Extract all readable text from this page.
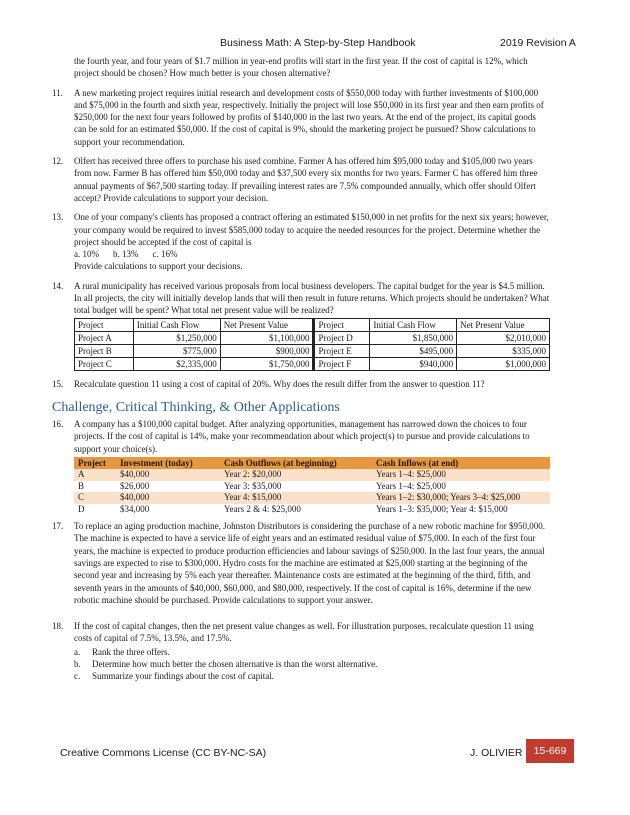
Business Math: A Step-by-Step Handbook	2019 Revision A

the fourth year, and four years of $1.7 million in year-end profits will start in the first year. If the cost of capital is 12%, which project should be chosen? How much better is your chosen alternative?

11. A new marketing project requires initial research and development costs of $550,000 today with further investments of $100,000 and $75,000 in the fourth and sixth year, respectively. Initially the project will lose $50,000 in its first year and then earn profits of $250,000 for the next four years followed by profits of $140,000 in the last two years. At the end of the project, its capital goods can be sold for an estimated $50,000. If the cost of capital is 9%, should the marketing project be pursued? Show calculations to support your recommendation.

12. Olfert has received three offers to purchase his used combine. Farmer A has offered him $95,000 today and $105,000 two years from now. Farmer B has offered him $50,000 today and $37,500 every six months for two years. Farmer C has offered him three annual payments of $67,500 starting today. If prevailing interest rates are 7.5% compounded annually, which offer should Olfert accept? Provide calculations to support your decision.

13. One of your company's clients has proposed a contract offering an estimated $150,000 in net profits for the next six years; however, your company would be required to invest $585,000 today to acquire the needed resources for the project. Determine whether the project should be accepted if the cost of capital is

a. 10% b. 13% c. 16%

Provide calculations to support your decisions.

14. A rural municipality has received various proposals from local business developers. The capital budget for the year is $4.5 million. In all projects, the city will initially develop lands that will then result in future returns. Which projects should be undertaken? What total budget will be spent? What total net present value will be realized?

Project	Initial Cash Flow	Net Present Value	Project	Initial Cash Flow	Net Present Value
Project A	$1,250,000	$1,100,000	Project D	$1,850,000	$2,010,000
Project B	$775,000	$900,000	Project E	$495,000	$335,000
Project C	$2,335,000	$1,750,000	Project F	$940,000	$1,000,000
15. Recalculate question 11 using a cost of capital of 20%. Why does the result differ from the answer to question 11?

Challenge, Critical Thinking, & Other Applications
16. A company has a $100,000 capital budget. After analyzing opportunities, management has narrowed down the choices to four projects. If the cost of capital is 14%, make your recommendation about which project(s) to pursue and provide calculations to support your choice(s).

Project	Investment (today)	Cash Outflows (at beginning)	Cash Inflows (at end)
A	$40,000	Year 2: $20,000	Years 1–4: $25,000
B	$26,000	Year 3: $35,000	Years 1–4: $25,000
C	$40,000	Year 4: $15,000	Years 1–2: $30,000; Years 3–4: $25,000
D	$34,000	Years 2 & 4: $25,000	Years 1–3: $35,000; Year 4: $15,000
17. To replace an aging production machine, Johnston Distributors is considering the purchase of a new robotic machine for $950,000. The machine is expected to have a service life of eight years and an estimated residual value of $75,000. In each of the first four years, the machine is expected to produce production efficiencies and labour savings of $250,000. In the last four years, the annual savings are expected to rise to $300,000. Hydro costs for the machine are estimated at $25,000 starting at the beginning of the second year and increasing by 5% each year thereafter. Maintenance costs are estimated at the beginning of the third, fifth, and seventh years in the amounts of $40,000, $60,000, and $80,000, respectively. If the cost of capital is 16%, determine if the new robotic machine should be purchased. Provide calculations to support your answer.

18. If the cost of capital changes, then the net present value changes as well. For illustration purposes, recalculate question 11 using costs of capital of 7.5%, 13.5%, and 17.5%.

a.	Rank the three offers.
b.	Determine how much better the chosen alternative is than the worst alternative.
c.	Summarize your findings about the cost of capital.
Creative Commons License (CC BY-NC-SA)	J. OLIVIER	15-669
